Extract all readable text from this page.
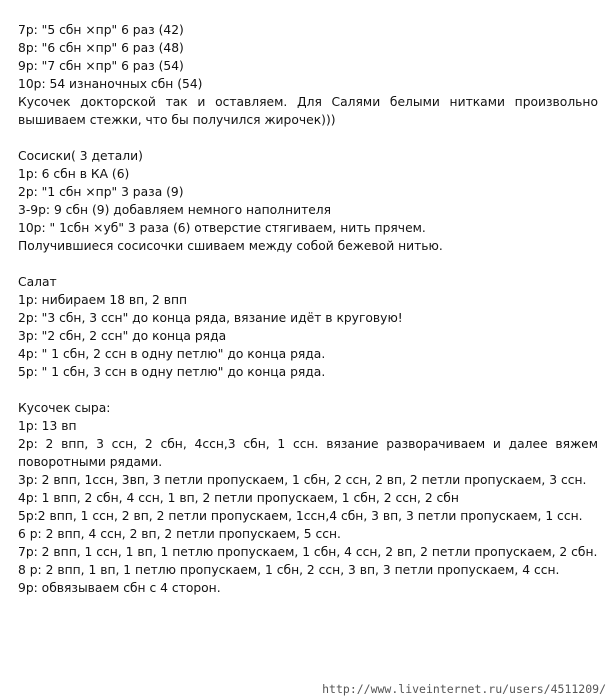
7р: "5 сбн ×пр" 6 раз (42)

8р: "6 сбн ×пр" 6 раз (48)

9р: "7 сбн ×пр" 6 раз (54)

10р: 54 изнаночных сбн (54)

Кусочек докторской так и оставляем. Для Салями белыми нитками произвольно вышиваем стежки, что бы получился жирочек)))

Сосиски( 3 детали)

1р: 6 сбн в КА (6)

2р: "1 сбн ×пр" 3 раза (9)

3-9р: 9 сбн (9) добавляем немного наполнителя

10р: " 1сбн ×уб" 3 раза (6) отверстие стягиваем, нить прячем.

Получившиеся сосисочки сшиваем между собой бежевой нитью.

Салат

1р: нибираем 18 вп, 2 впп

2р: "3 сбн, 3 ссн" до конца ряда, вязание идёт в круговую!

3р: "2 сбн, 2 ссн" до конца ряда

4р: " 1 сбн, 2 ссн в одну петлю" до конца ряда.

5р: " 1 сбн, 3 ссн в одну петлю" до конца ряда.

Кусочек сыра:

1р: 13 вп

2р: 2 впп, 3 ссн, 2 сбн, 4ссн,3 сбн, 1 ссн. вязание разворачиваем и далее вяжем поворотными рядами.

3р: 2 впп, 1ссн, 3вп, 3 петли пропускаем, 1 сбн, 2 ссн, 2 вп, 2 петли пропускаем, 3 ссн.

4р: 1 впп, 2 сбн, 4 ссн, 1 вп, 2 петли пропускаем, 1 сбн, 2 ссн, 2 сбн

5р:2 впп, 1 ссн, 2 вп, 2 петли пропускаем, 1ссн,4 сбн, 3 вп, 3 петли пропускаем, 1 ссн.

6 р: 2 впп, 4 ссн, 2 вп, 2 петли пропускаем, 5 ссн.

7р: 2 впп, 1 ссн, 1 вп, 1 петлю пропускаем, 1 сбн, 4 ссн, 2 вп, 2 петли пропускаем, 2 сбн.

8 р: 2 впп, 1 вп, 1 петлю пропускаем, 1 сбн, 2 ссн, 3 вп, 3 петли пропускаем, 4 ссн.

9р: обвязываем сбн с 4 сторон.

http://www.liveinternet.ru/users/4511209/
